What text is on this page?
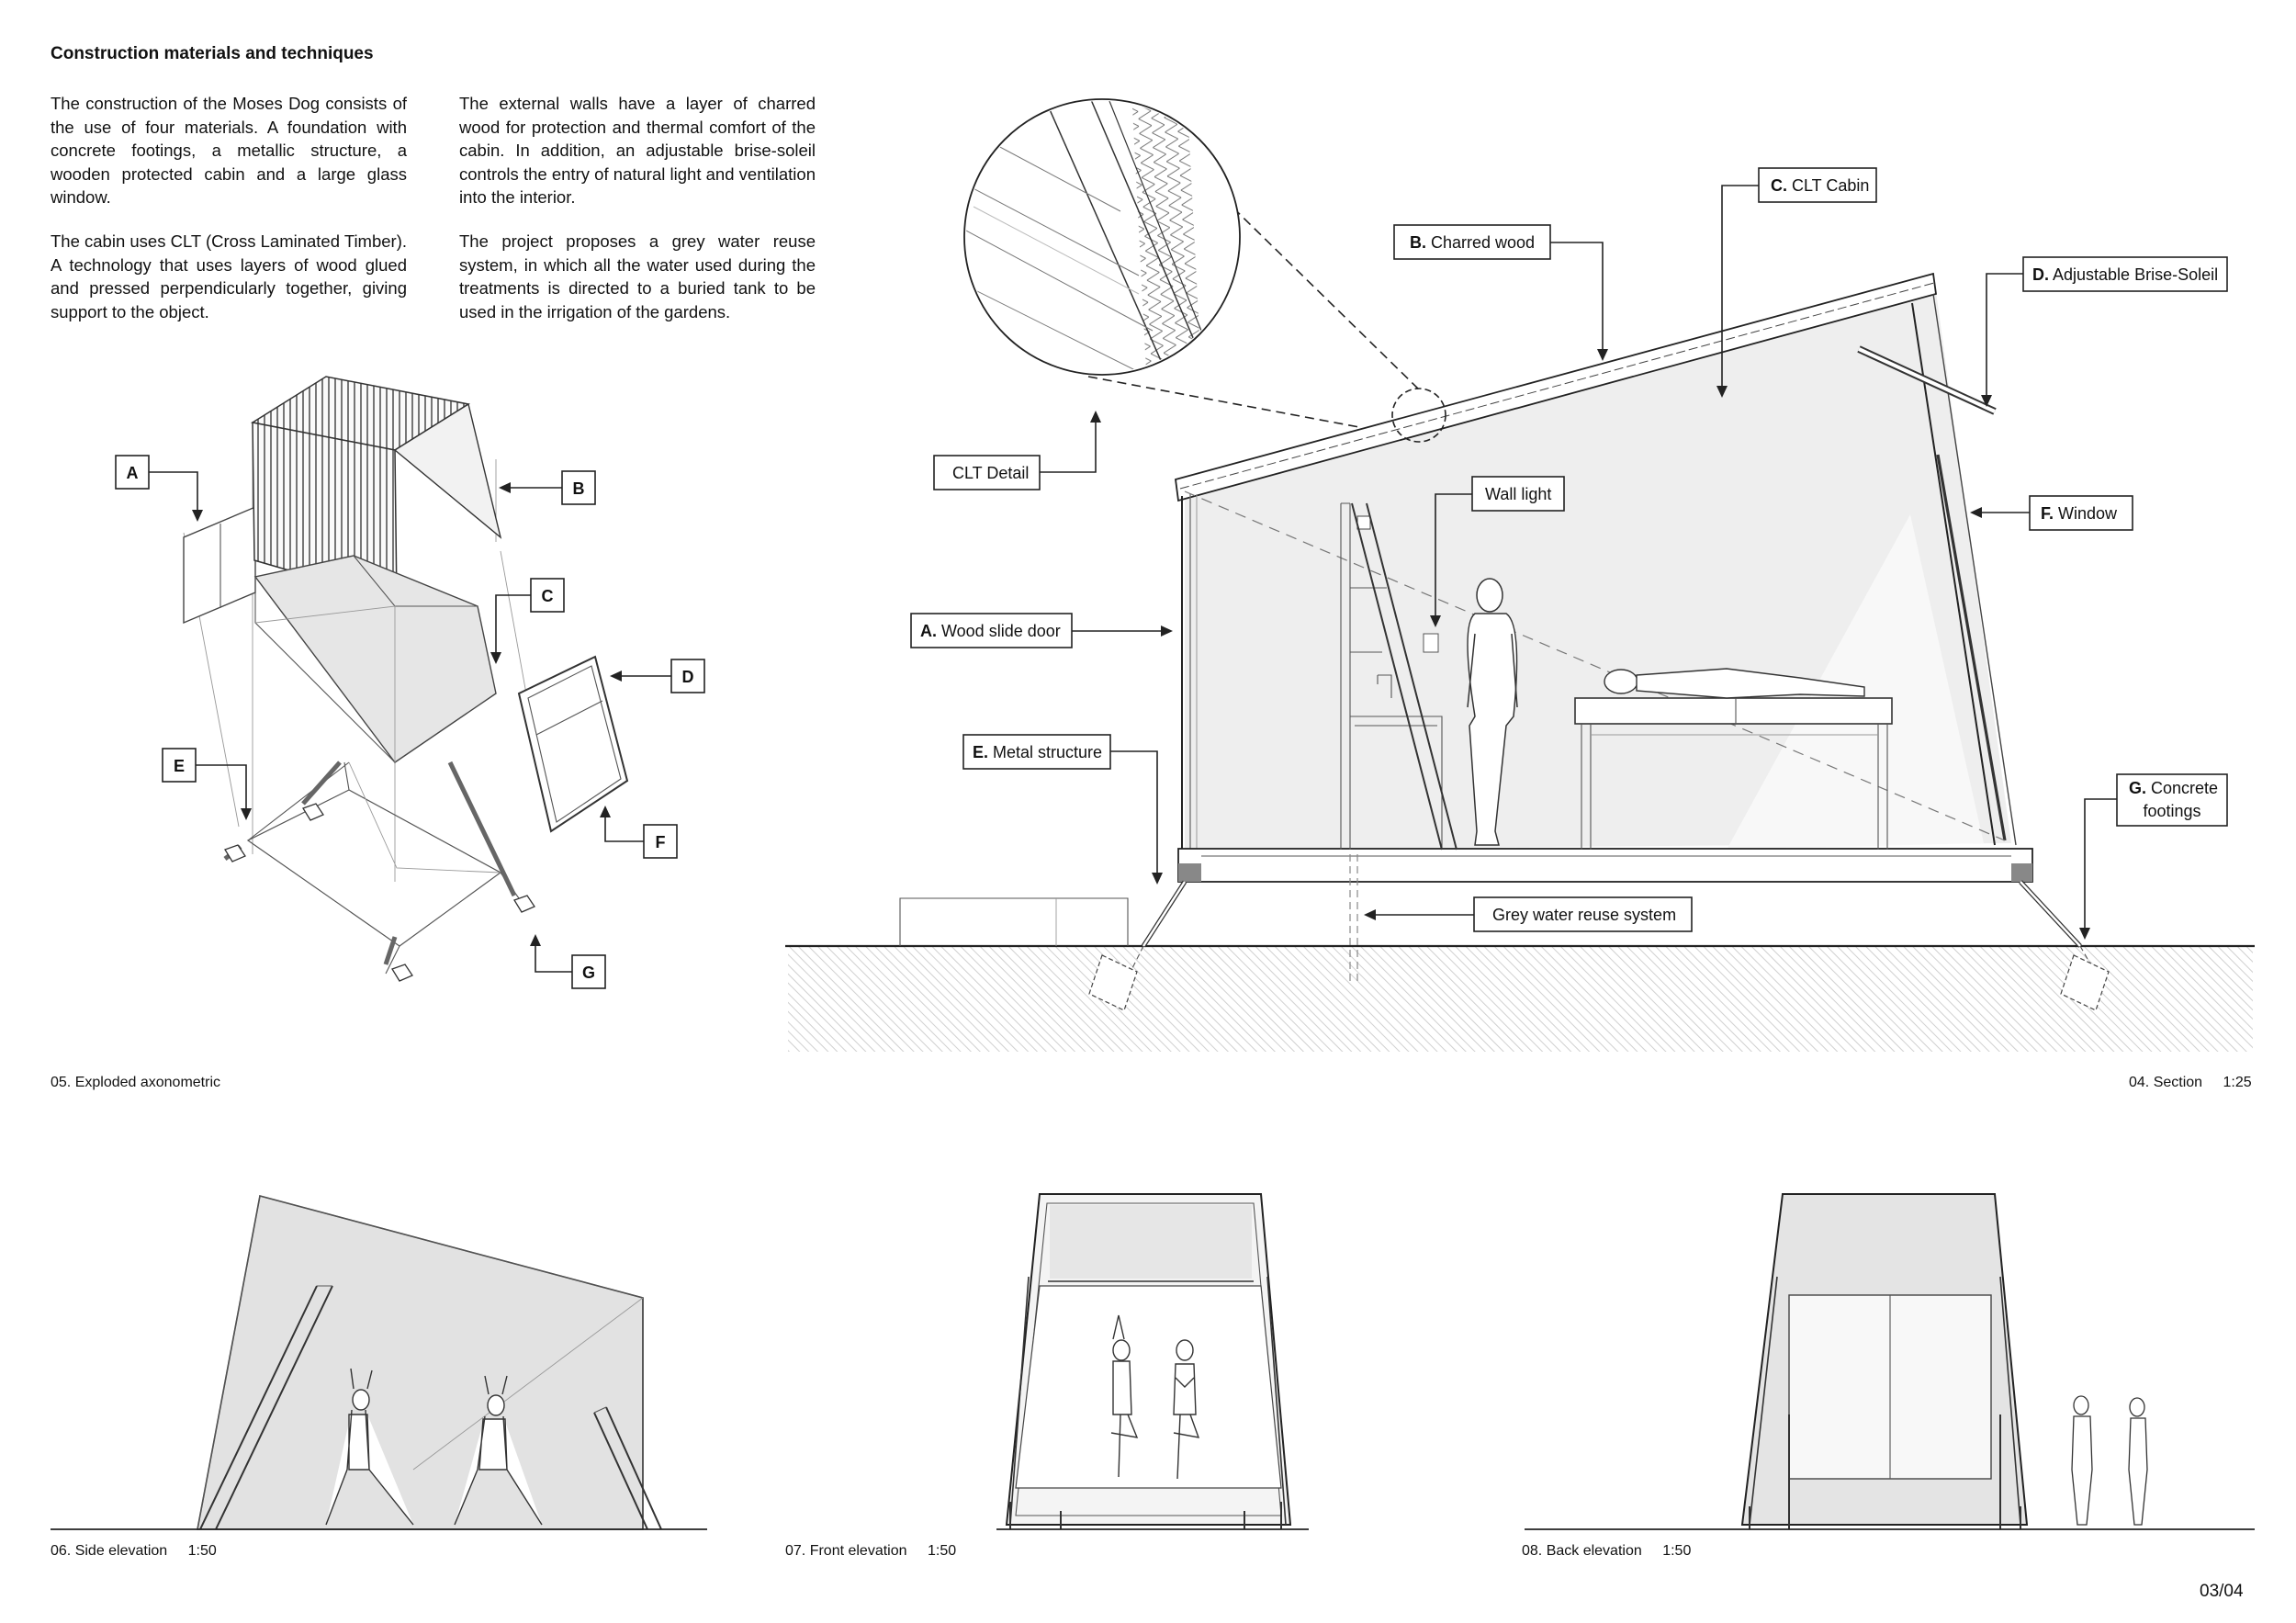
Construction materials and techniques

The construction of the Moses Dog consists of the use of four materials. A foundation with concrete footings, a metallic structure, a wooden protected cabin and a large glass window.

The cabin uses CLT (Cross Laminated Timber). A technology that uses layers of wood glued and pressed perpendicularly together, giving support to the object.

The external walls have a layer of charred wood for protection and thermal comfort of the cabin. In addition, an adjustable brise-soleil controls the entry of natural light and ventilation into the interior.

The project proposes a grey water reuse system, in which all the water used during the treatments is directed to a buried tank to be used in the irrigation of the gardens.

A
B
C
D
E
F
G
C. CLT Cabin
B. Charred wood
D. Adjustable Brise-Soleil
CLT Detail
Wall light
F. Window
A. Wood slide door
E. Metal structure
G. Concrete
footings
Grey water reuse system
05. Exploded axonometric	04. Section 1:25
06. Side elevation 1:50	07. Front elevation 1:50	08. Back elevation 1:50
03/04
